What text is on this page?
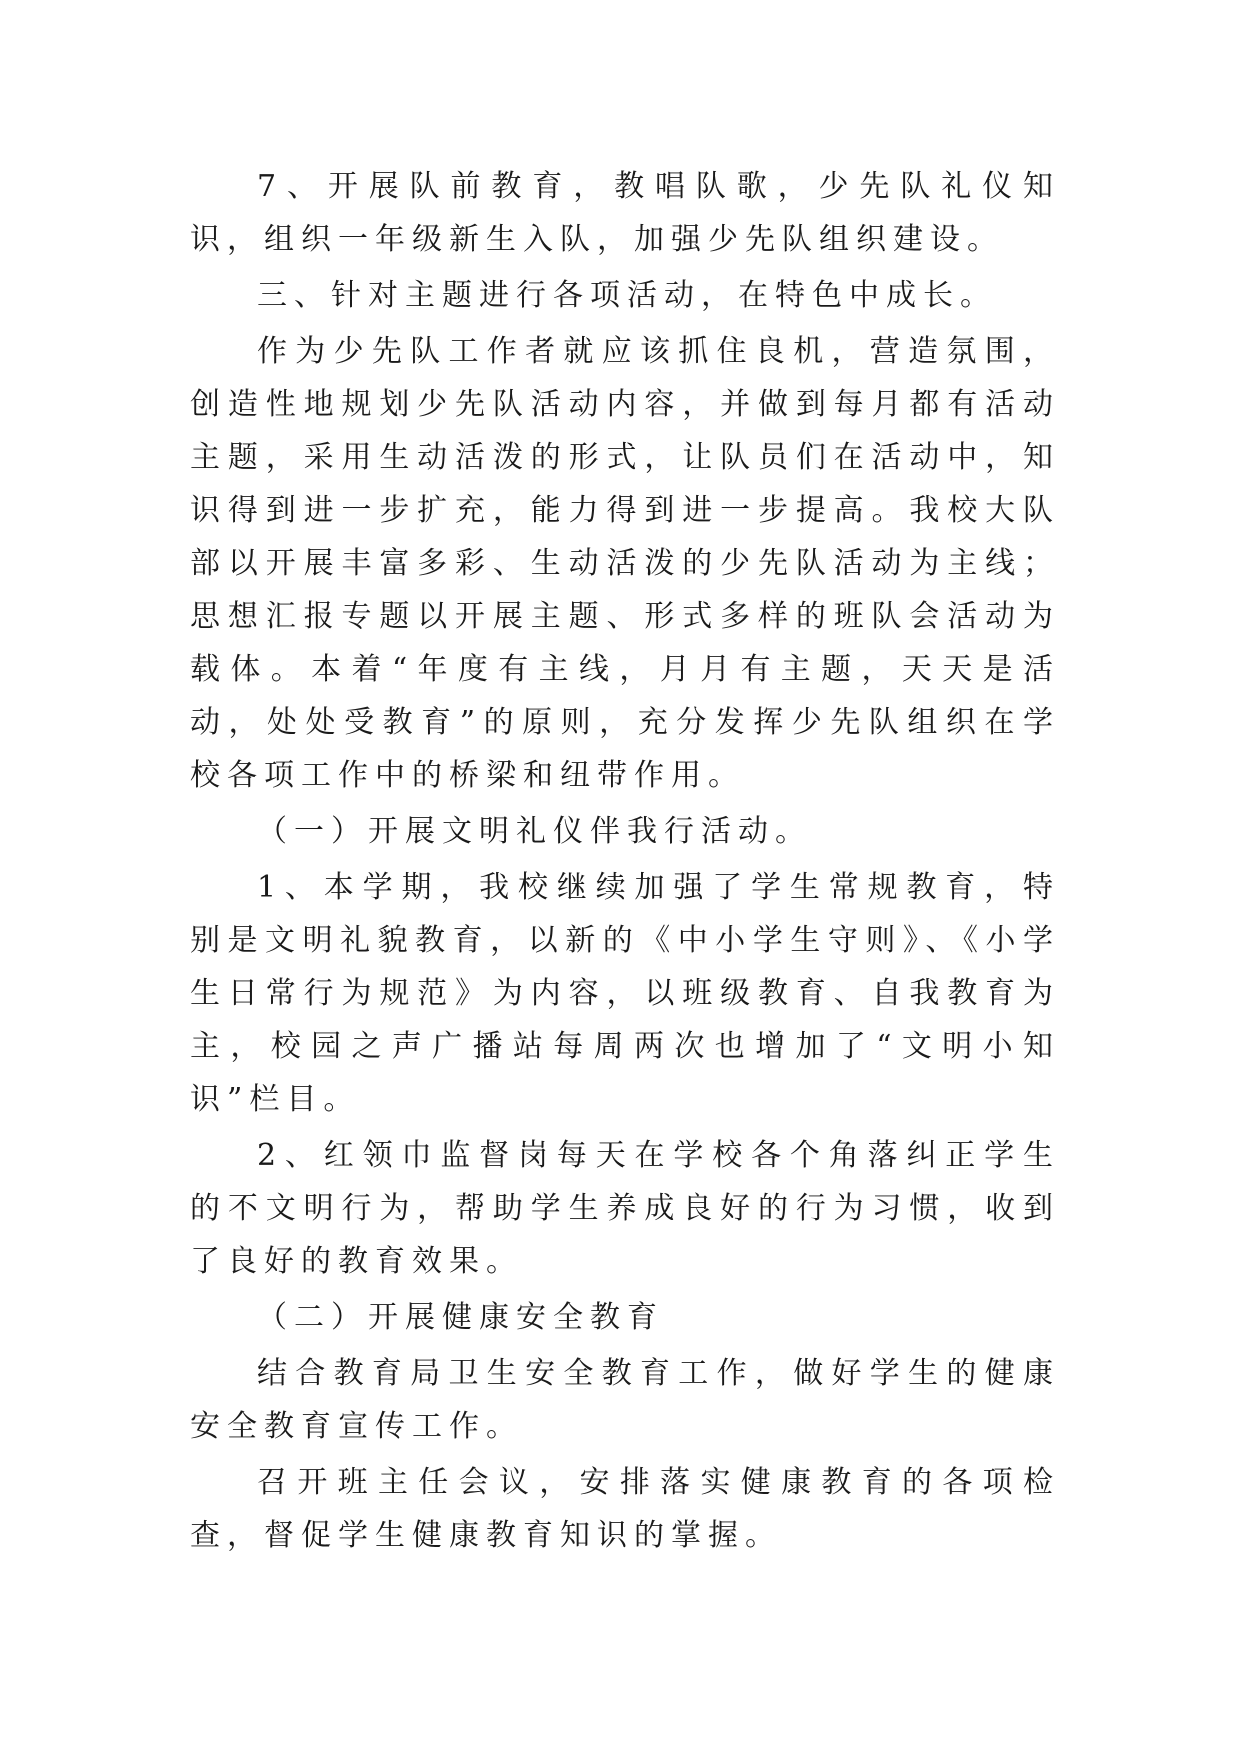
7、开展队前教育，教唱队歌，少先队礼仪知识，组织一年级新生入队，加强少先队组织建设。

三、针对主题进行各项活动，在特色中成长。

作为少先队工作者就应该抓住良机，营造氛围，创造性地规划少先队活动内容，并做到每月都有活动主题，采用生动活泼的形式，让队员们在活动中，知识得到进一步扩充，能力得到进一步提高。我校大队部以开展丰富多彩、生动活泼的少先队活动为主线；思想汇报专题以开展主题、形式多样的班队会活动为载体。本着“年度有主线，月月有主题，天天是活动，处处受教育”的原则，充分发挥少先队组织在学校各项工作中的桥梁和纽带作用。

（一）开展文明礼仪伴我行活动。

1、本学期，我校继续加强了学生常规教育，特别是文明礼貌教育，以新的《中小学生守则》、《小学生日常行为规范》为内容，以班级教育、自我教育为主，校园之声广播站每周两次也增加了“文明小知识”栏目。

2、红领巾监督岗每天在学校各个角落纠正学生的不文明行为，帮助学生养成良好的行为习惯，收到了良好的教育效果。

（二）开展健康安全教育

结合教育局卫生安全教育工作，做好学生的健康安全教育宣传工作。

召开班主任会议，安排落实健康教育的各项检查，督促学生健康教育知识的掌握。
